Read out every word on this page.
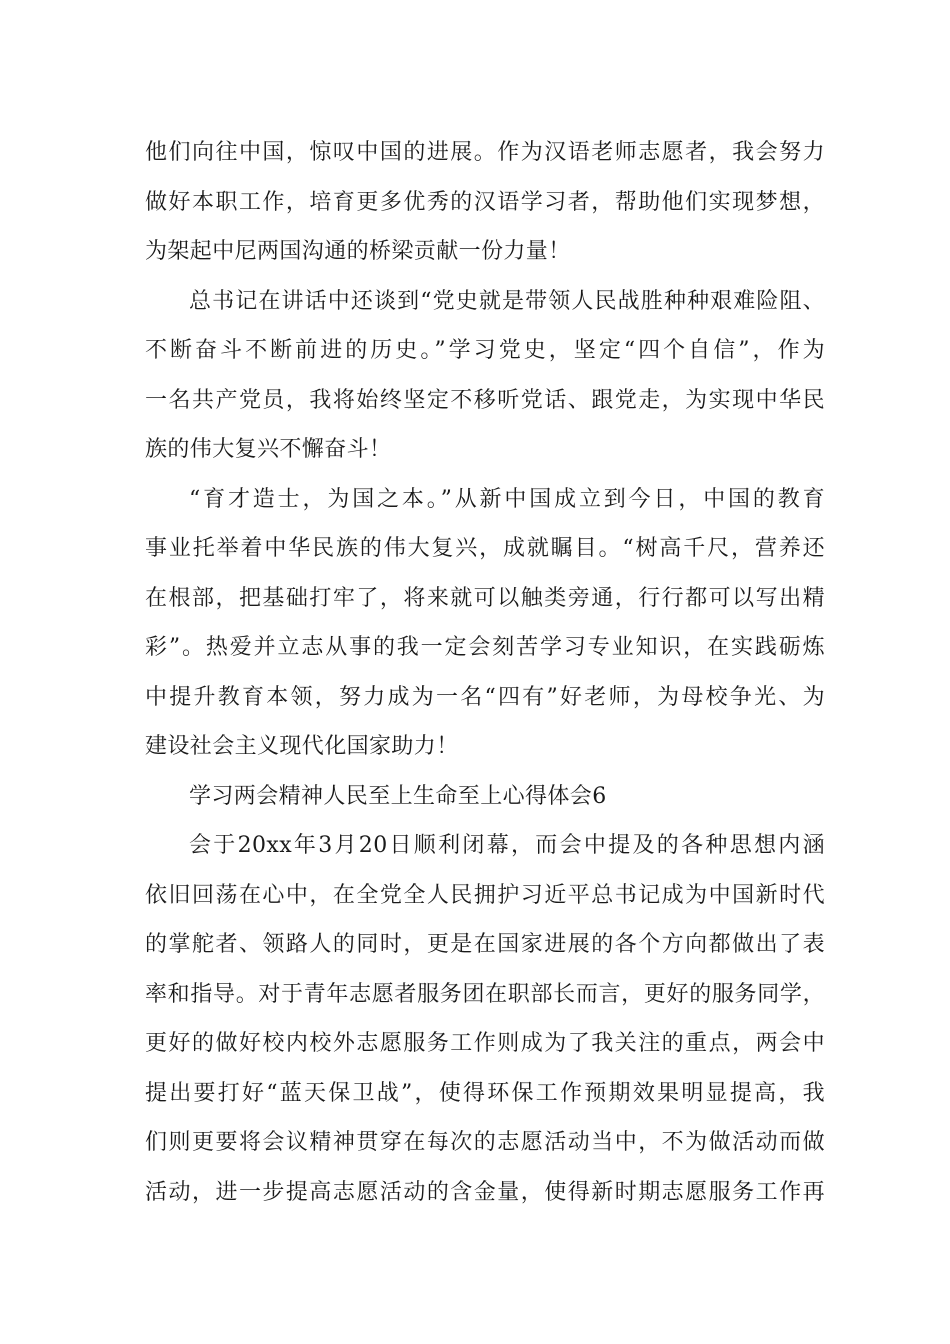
他们向往中国，惊叹中国的进展。作为汉语老师志愿者，我会努力
做好本职工作，培育更多优秀的汉语学习者，帮助他们实现梦想，
为架起中尼两国沟通的桥梁贡献一份力量！
总书记在讲话中还谈到“党史就是带领人民战胜种种艰难险阻、
不断奋斗不断前进的历史。”学习党史，坚定“四个自信”，作为
一名共产党员，我将始终坚定不移听党话、跟党走，为实现中华民
族的伟大复兴不懈奋斗！
“育才造士，为国之本。”从新中国成立到今日，中国的教育
事业托举着中华民族的伟大复兴，成就瞩目。“树高千尺，营养还
在根部，把基础打牢了，将来就可以触类旁通，行行都可以写出精
彩”。热爱并立志从事的我一定会刻苦学习专业知识，在实践砺炼
中提升教育本领，努力成为一名“四有”好老师，为母校争光、为
建设社会主义现代化国家助力！
学习两会精神人民至上生命至上心得体会6
会于20xx年3月20日顺利闭幕，而会中提及的各种思想内涵
依旧回荡在心中，在全党全人民拥护习近平总书记成为中国新时代
的掌舵者、领路人的同时，更是在国家进展的各个方向都做出了表
率和指导。对于青年志愿者服务团在职部长而言，更好的服务同学，
更好的做好校内校外志愿服务工作则成为了我关注的重点，两会中
提出要打好“蓝天保卫战”，使得环保工作预期效果明显提高，我
们则更要将会议精神贯穿在每次的志愿活动当中，不为做活动而做
活动，进一步提高志愿活动的含金量，使得新时期志愿服务工作再
